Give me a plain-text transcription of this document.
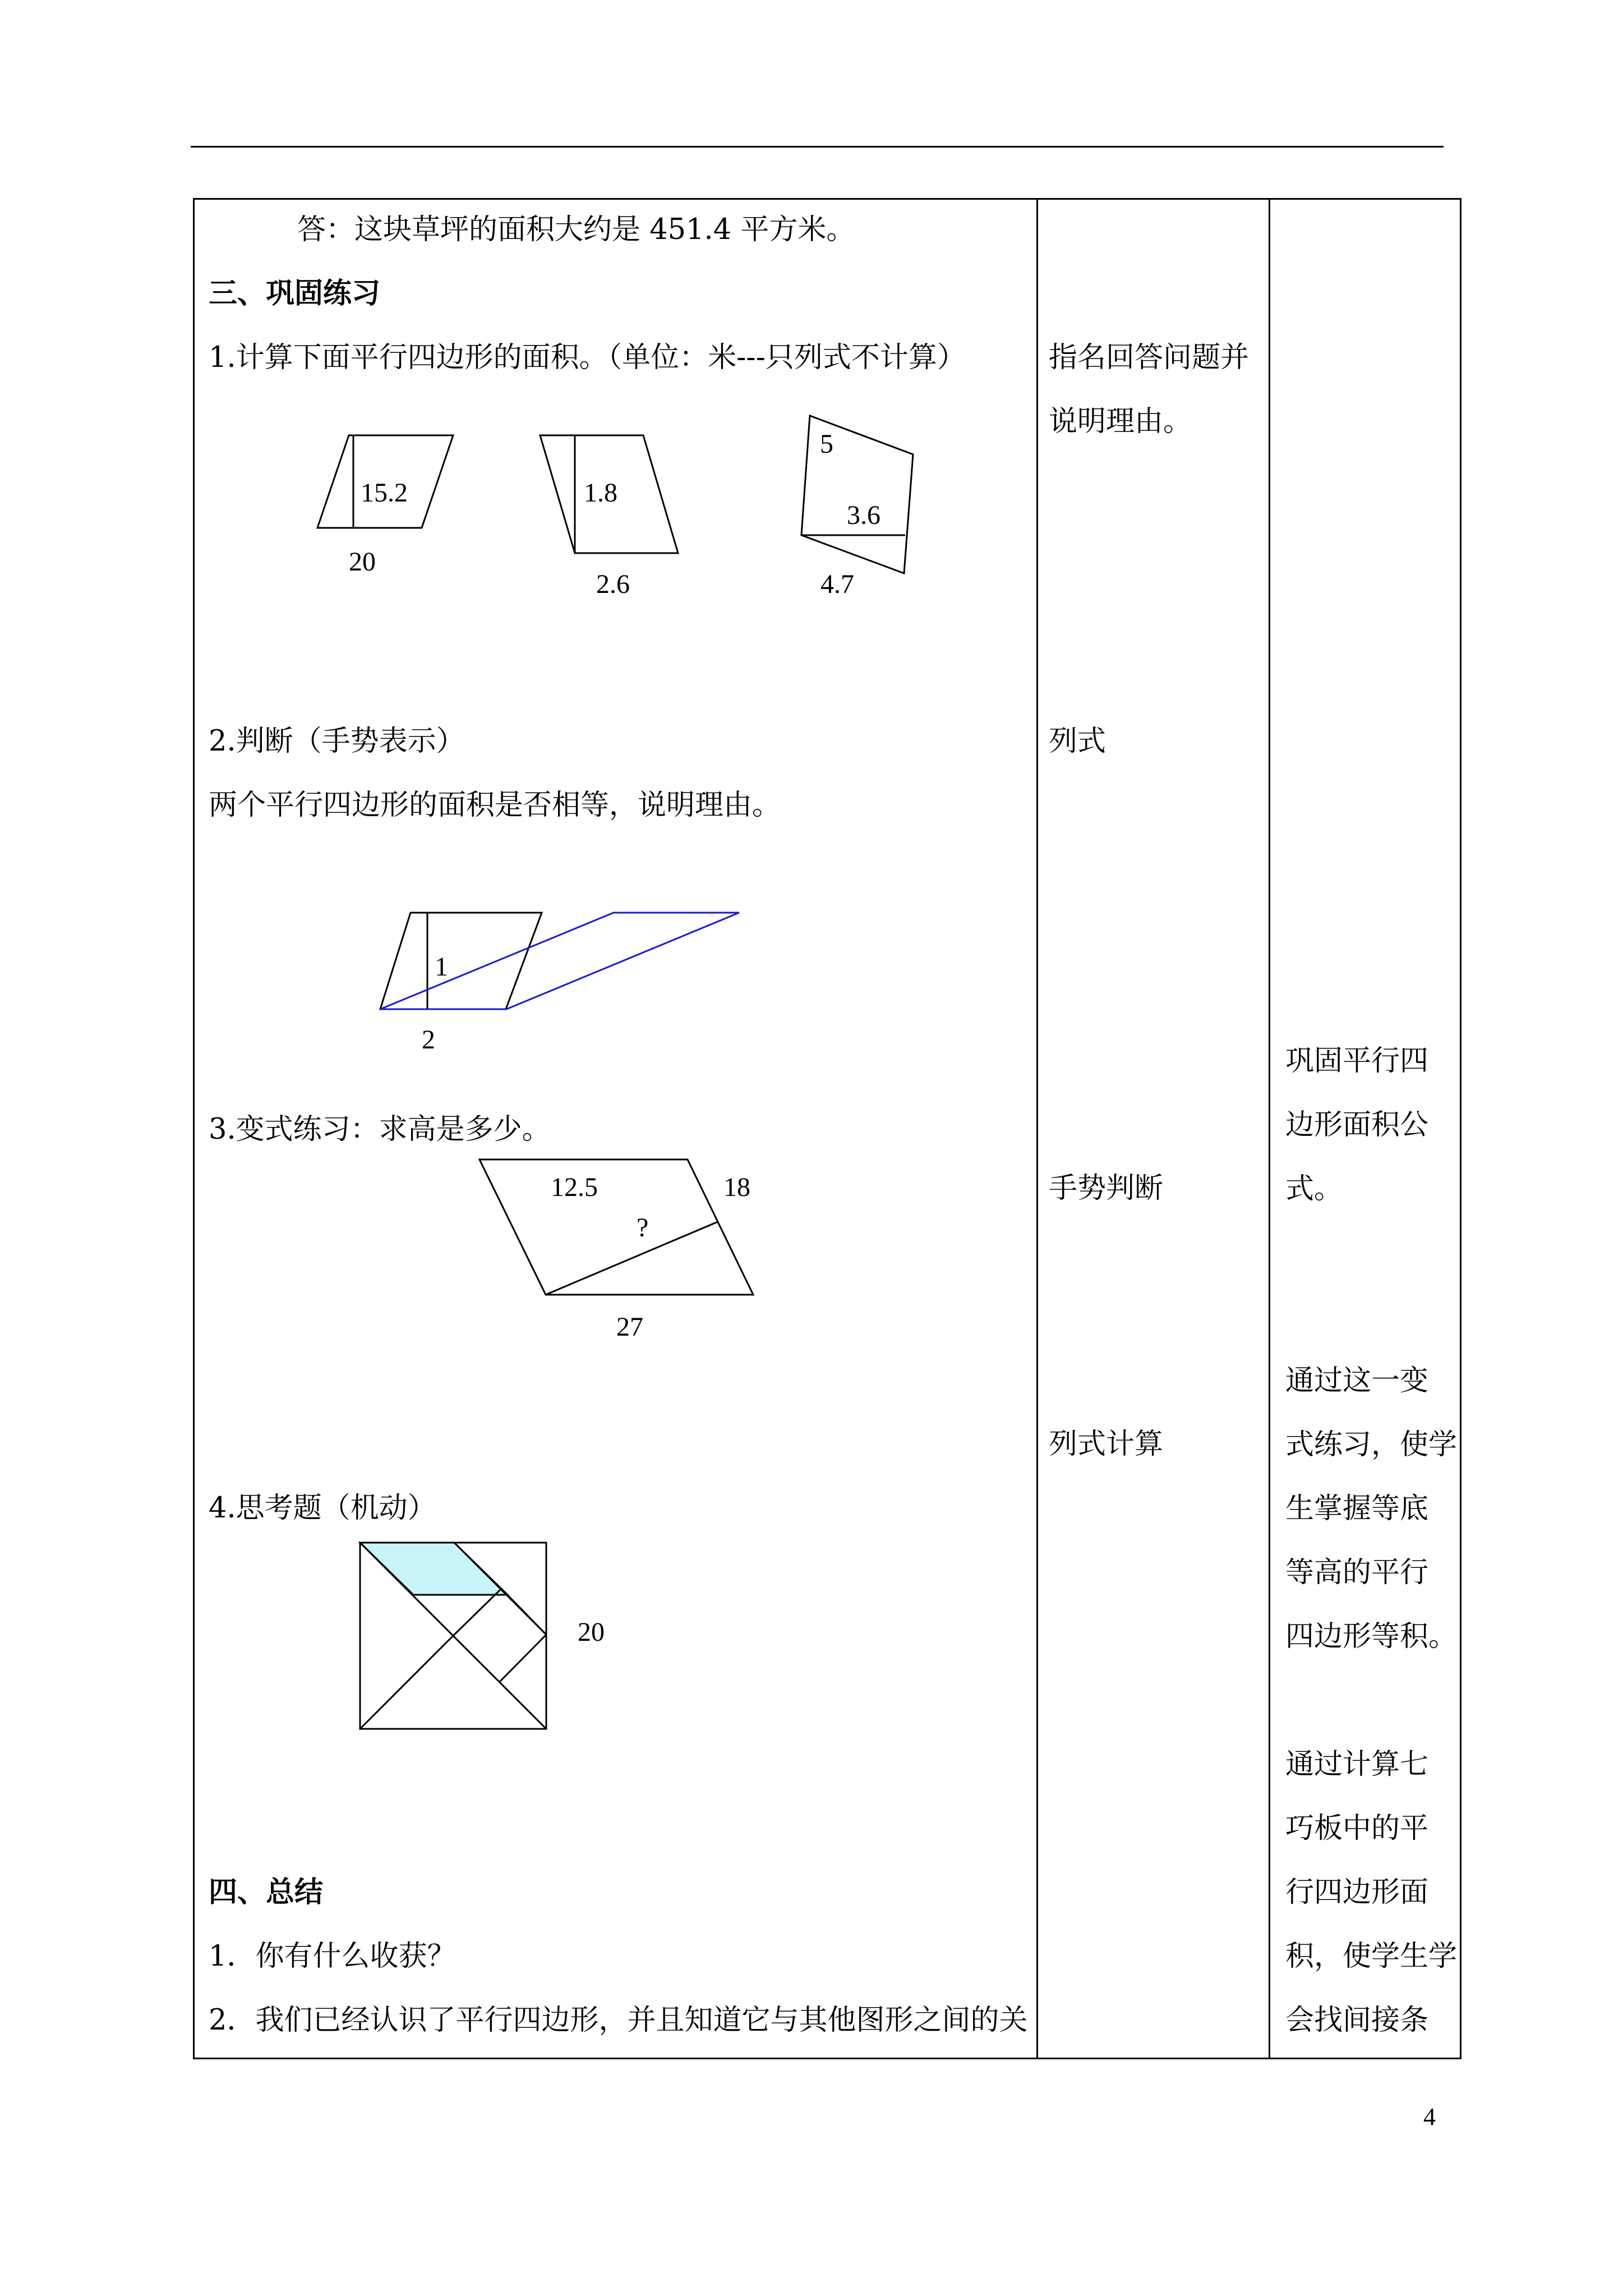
答：这块草坪的面积大约是 451.4 平方米。
三、巩固练习
1.计算下面平行四边形的面积。（单位：米---只列式不计算）
2.判断（手势表示）
两个平行四边形的面积是否相等，说明理由。
3.变式练习：求高是多少。
4.思考题（机动）
四、总结
1．你有什么收获？
2．我们已经认识了平行四边形，并且知道它与其他图形之间的关
15.2
20
1.8
2.6
5
3.6
4.7
1
2
12.5	18
?
27
20
指名回答问题并
说明理由。
列式
手势判断
列式计算
巩固平行四
边形面积公
式。
通过这一变
式练习，使学
生掌握等底
等高的平行
四边形等积。
通过计算七
巧板中的平
行四边形面
积，使学生学
会找间接条
4
